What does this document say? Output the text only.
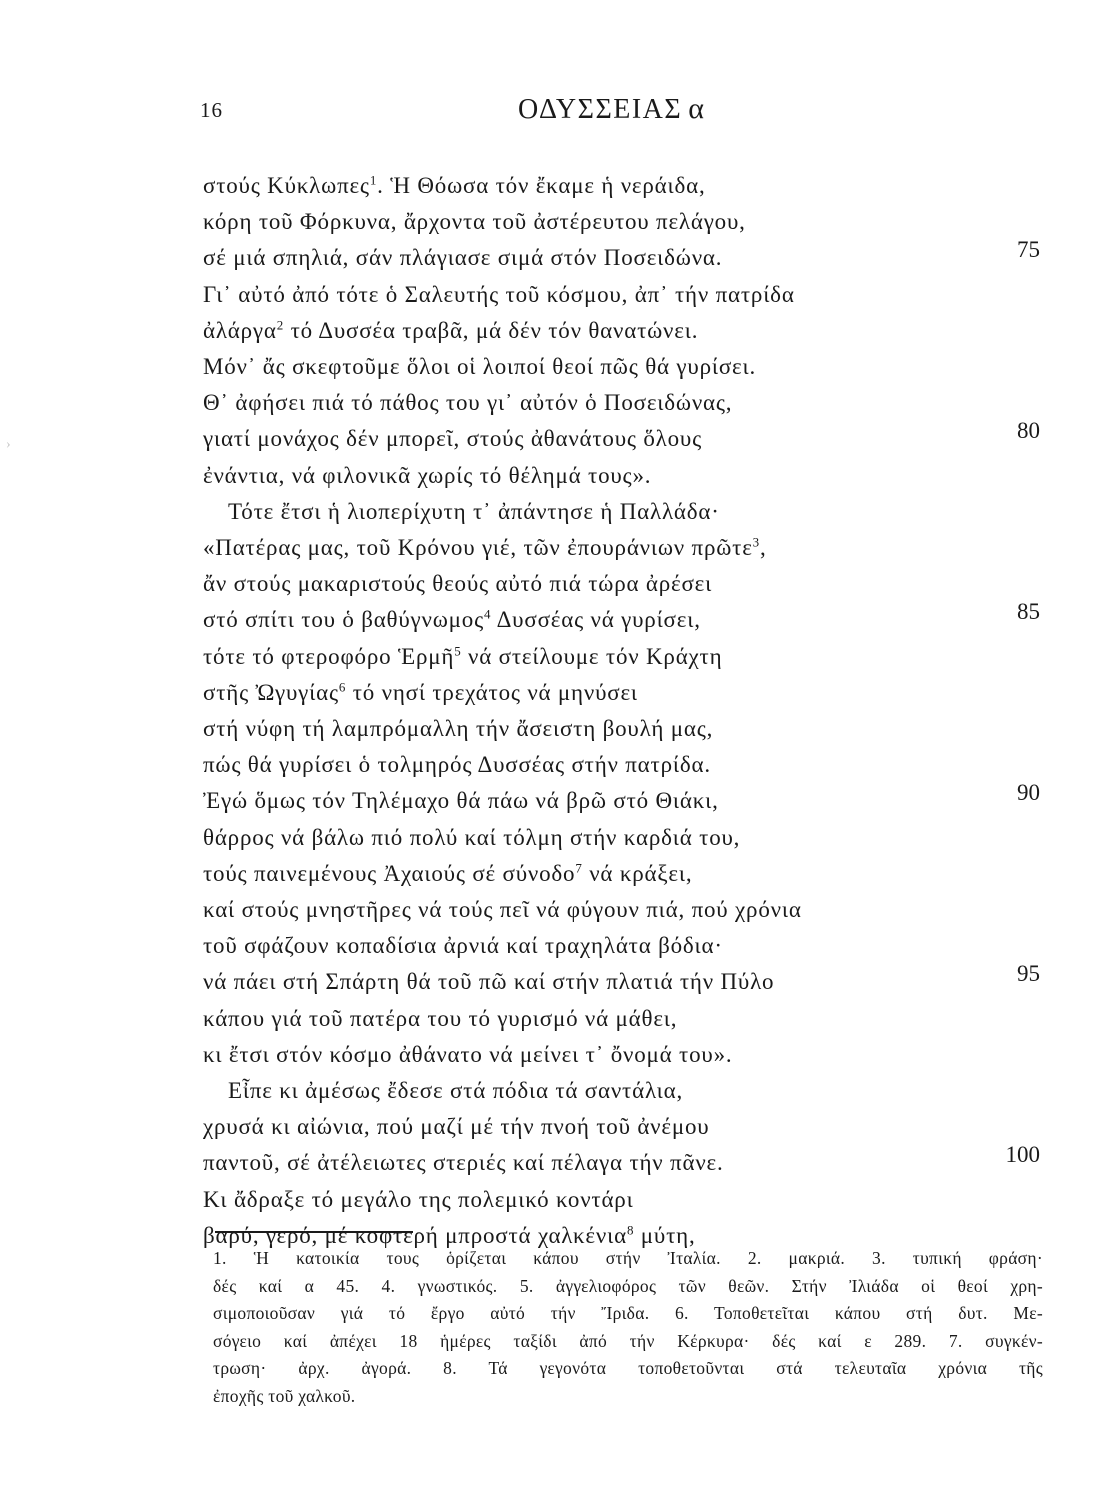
16	ΟΔΥΣΣΕΙΑΣ α
›
στούς Κύκλωπες$^1$. Ἡ Θόωσα τόν ἔκαμε ἡ νεράιδα,
κόρη τοῦ Φόρκυνα, ἄρχοντα τοῦ ἀστέρευτου πελάγου,
σέ μιά σπηλιά, σάν πλάγιασε σιμά στόν Ποσειδώνα.
Γι᾽ αὐτό ἀπό τότε ὁ Σαλευτής τοῦ κόσμου, ἀπ᾽ τήν πατρίδα
ἀλάργα$^2$ τό Δυσσέα τραβᾶ, μά δέν τόν θανατώνει.
Μόν᾽ ἄς σκεφτοῦμε ὅλοι οἱ λοιποί θεοί πῶς θά γυρίσει.
Θ᾽ ἀφήσει πιά τό πάθος του γι᾽ αὐτόν ὁ Ποσειδώνας,
γιατί μονάχος δέν μπορεῖ, στούς ἀθανάτους ὅλους
ἐνάντια, νά φιλονικᾶ χωρίς τό θέλημά τους».
Τότε ἔτσι ἡ λιοπερίχυτη τ᾽ ἀπάντησε ἡ Παλλάδα·
«Πατέρας μας, τοῦ Κρόνου γιέ, τῶν ἐπουράνιων πρῶτε$^3$,
ἄν στούς μακαριστούς θεούς αὐτό πιά τώρα ἀρέσει
στό σπίτι του ὁ βαθύγνωμος$^4$ Δυσσέας νά γυρίσει,
τότε τό φτεροφόρο Ἑρμῆ$^5$ νά στείλουμε τόν Κράχτη
στῆς Ὠγυγίας$^6$ τό νησί τρεχάτος νά μηνύσει
στή νύφη τή λαμπρόμαλλη τήν ἄσειστη βουλή μας,
πώς θά γυρίσει ὁ τολμηρός Δυσσέας στήν πατρίδα.
Ἐγώ ὅμως τόν Τηλέμαχο θά πάω νά βρῶ στό Θιάκι,
θάρρος νά βάλω πιό πολύ καί τόλμη στήν καρδιά του,
τούς παινεμένους Ἀχαιούς σέ σύνοδο$^7$ νά κράξει,
καί στούς μνηστῆρες νά τούς πεῖ νά φύγουν πιά, πού χρόνια
τοῦ σφάζουν κοπαδίσια ἀρνιά καί τραχηλάτα βόδια·
νά πάει στή Σπάρτη θά τοῦ πῶ καί στήν πλατιά τήν Πύλο
κάπου γιά τοῦ πατέρα του τό γυρισμό νά μάθει,
κι ἔτσι στόν κόσμο ἀθάνατο νά μείνει τ᾽ ὄνομά του».
Εἶπε κι ἀμέσως ἔδεσε στά πόδια τά σαντάλια,
χρυσά κι αἰώνια, πού μαζί μέ τήν πνοή τοῦ ἀνέμου
παντοῦ, σέ ἀτέλειωτες στεριές καί πέλαγα τήν πᾶνε.
Κι ἄδραξε τό μεγάλο της πολεμικό κοντάρι
βαρύ, γερό, μέ κοφτερή μπροστά χαλκένια$^8$ μύτη,
75
80
85
90
95
100
1. Ἡ κατοικία τους ὁρίζεται κάπου στήν Ἰταλία. 2. μακριά. 3. τυπική φράση·
δές καί α 45. 4. γνωστικός. 5. ἀγγελιοφόρος τῶν θεῶν. Στήν Ἰλιάδα οἱ θεοί χρη-
σιμοποιοῦσαν γιά τό ἔργο αὐτό τήν Ἴριδα. 6. Τοποθετεῖται κάπου στή δυτ. Με-
σόγειο καί ἀπέχει 18 ἡμέρες ταξίδι ἀπό τήν Κέρκυρα· δές καί ε 289. 7. συγκέν-
τρωση· ἀρχ. ἀγορά. 8. Τά γεγονότα τοποθετοῦνται στά τελευταῖα χρόνια τῆς
ἐποχῆς τοῦ χαλκοῦ.
